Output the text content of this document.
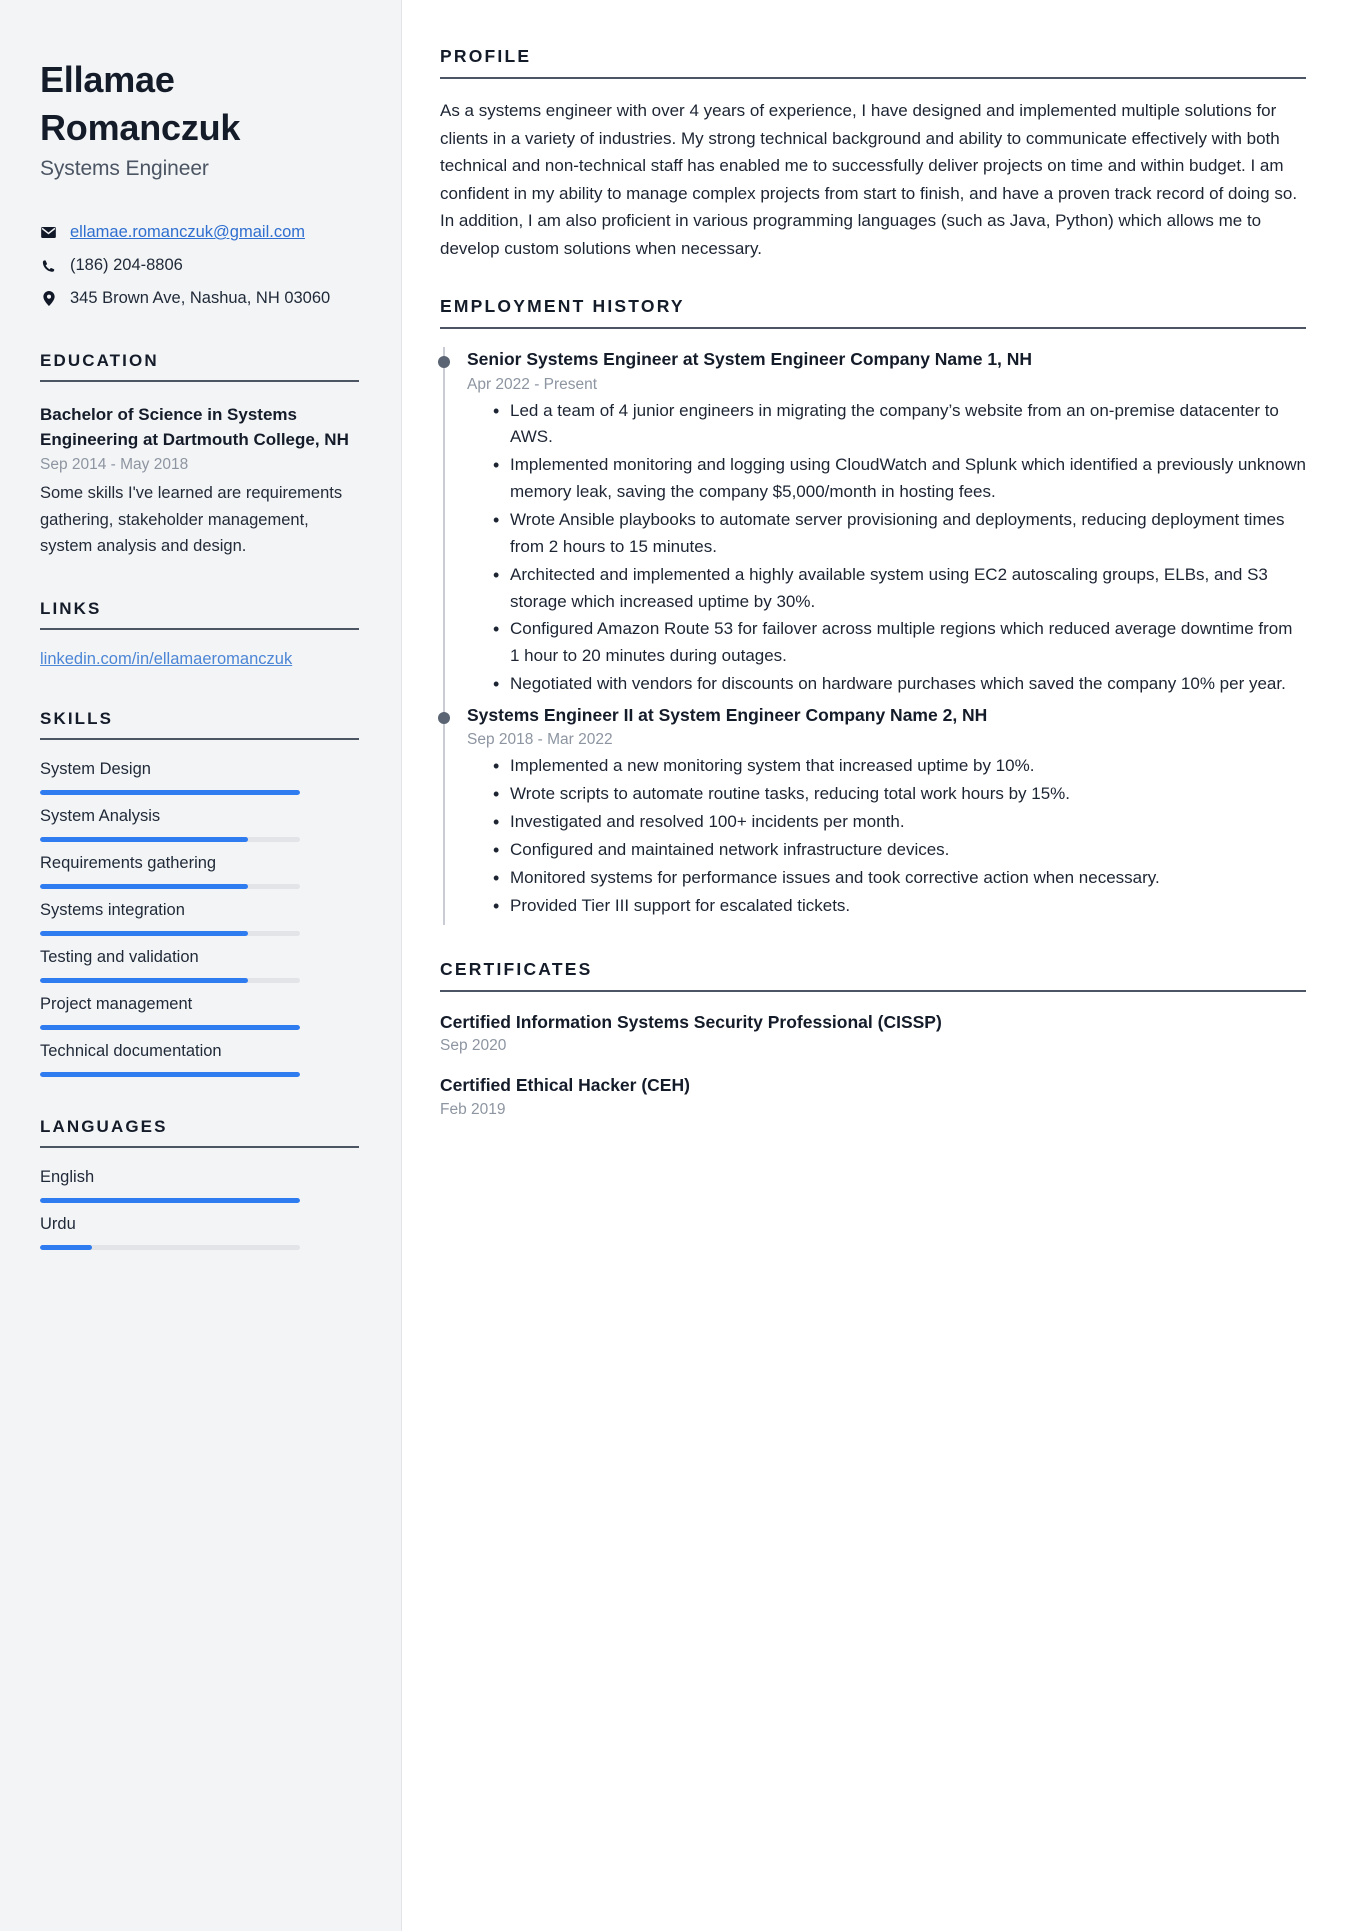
Ellamae
Romanczuk
Systems Engineer
ellamae.romanczuk@gmail.com
(186) 204-8806
345 Brown Ave, Nashua, NH 03060
EDUCATION
Bachelor of Science in Systems Engineering at Dartmouth College, NH
Sep 2014 - May 2018
Some skills I've learned are requirements gathering, stakeholder management, system analysis and design.
LINKS
linkedin.com/in/ellamaeromanczuk
SKILLS
System Design
System Analysis
Requirements gathering
Systems integration
Testing and validation
Project management
Technical documentation
LANGUAGES
English
Urdu
PROFILE

As a systems engineer with over 4 years of experience, I have designed and implemented multiple solutions for clients in a variety of industries. My strong technical background and ability to communicate effectively with both technical and non-technical staff has enabled me to successfully deliver projects on time and within budget. I am confident in my ability to manage complex projects from start to finish, and have a proven track record of doing so. In addition, I am also proficient in various programming languages (such as Java, Python) which allows me to develop custom solutions when necessary.

EMPLOYMENT HISTORY
Senior Systems Engineer at System Engineer Company Name 1, NH
Apr 2022 - Present
• Led a team of 4 junior engineers in migrating the company’s website from an on-premise datacenter to AWS.
• Implemented monitoring and logging using CloudWatch and Splunk which identified a previously unknown memory leak, saving the company $5,000/month in hosting fees.
• Wrote Ansible playbooks to automate server provisioning and deployments, reducing deployment times from 2 hours to 15 minutes.
• Architected and implemented a highly available system using EC2 autoscaling groups, ELBs, and S3 storage which increased uptime by 30%.
• Configured Amazon Route 53 for failover across multiple regions which reduced average downtime from 1 hour to 20 minutes during outages.
• Negotiated with vendors for discounts on hardware purchases which saved the company 10% per year.
Systems Engineer II at System Engineer Company Name 2, NH
Sep 2018 - Mar 2022
• Implemented a new monitoring system that increased uptime by 10%.
• Wrote scripts to automate routine tasks, reducing total work hours by 15%.
• Investigated and resolved 100+ incidents per month.
• Configured and maintained network infrastructure devices.
• Monitored systems for performance issues and took corrective action when necessary.
• Provided Tier III support for escalated tickets.
CERTIFICATES
Certified Information Systems Security Professional (CISSP)
Sep 2020
Certified Ethical Hacker (CEH)
Feb 2019
